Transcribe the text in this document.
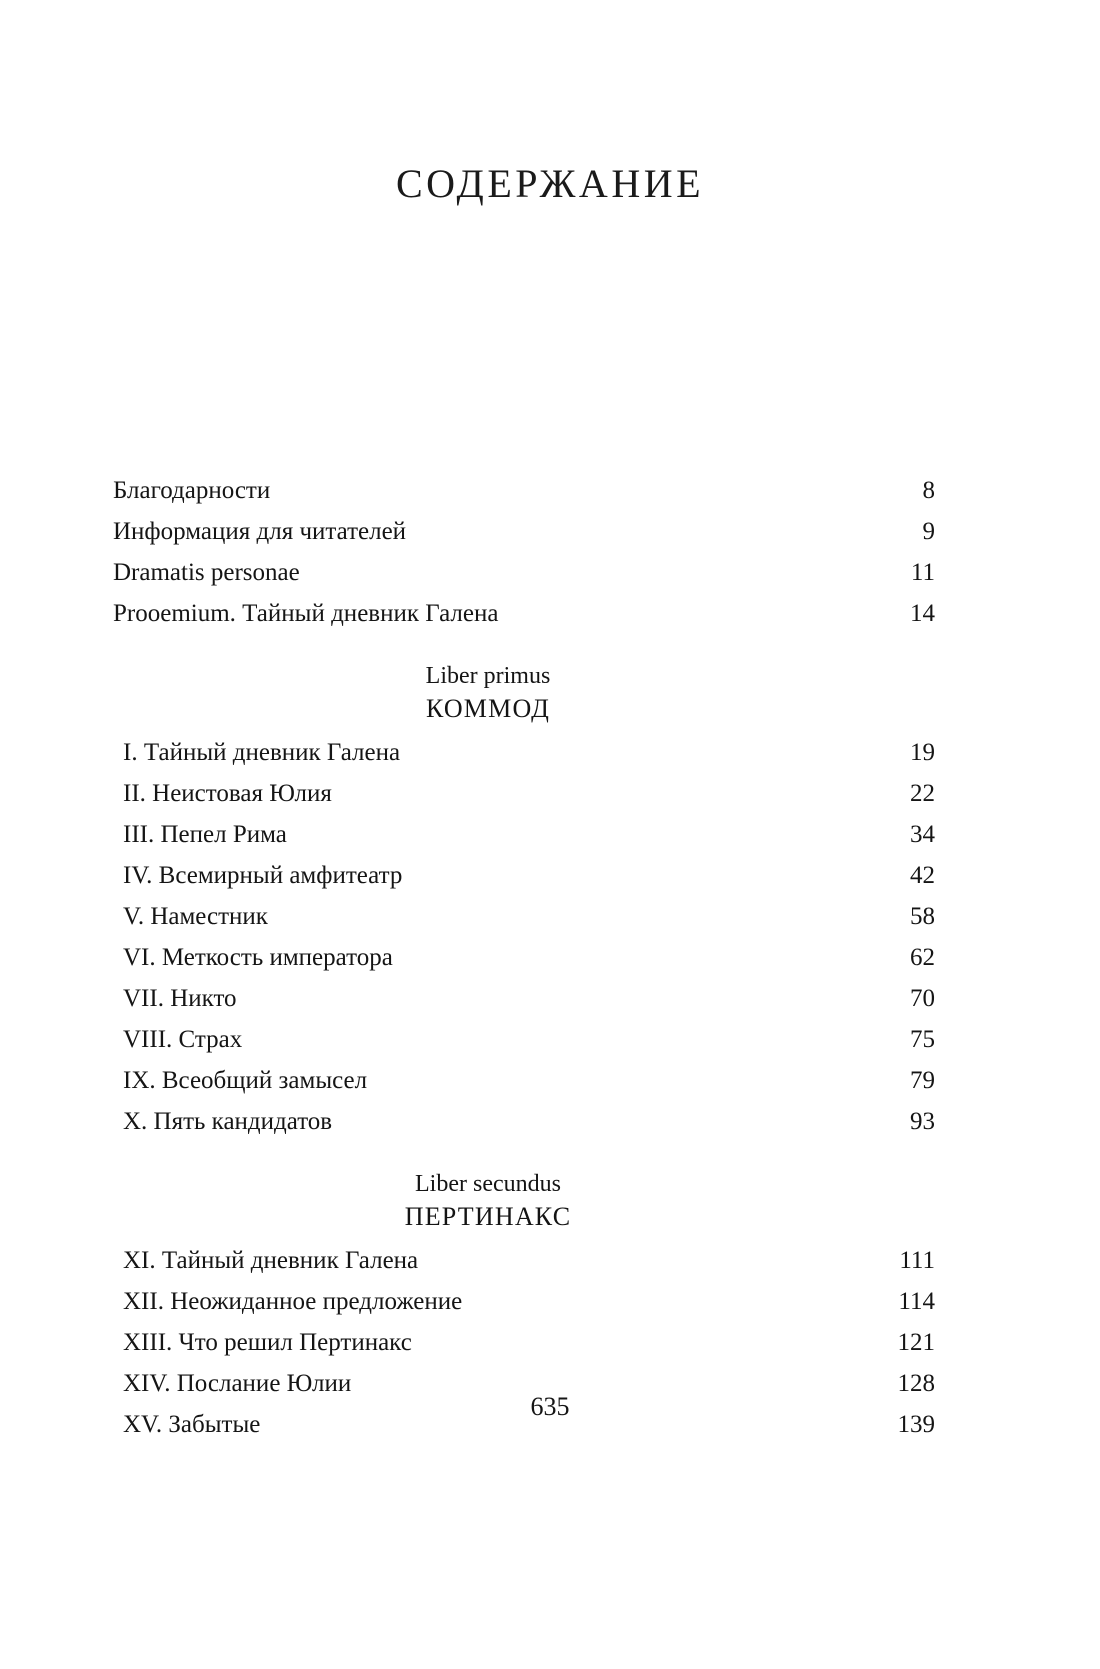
СОДЕРЖАНИЕ
Благодарности .....	8
Информация для читателей .....	9
Dramatis personae .....	11
Prooemium. Тайный дневник Галена .....	14
Liber primus
КОММОД
I. Тайный дневник Галена .....	19
II. Неистовая Юлия .....	22
III. Пепел Рима .....	34
IV. Всемирный амфитеатр .....	42
V. Наместник .....	58
VI. Меткость императора .....	62
VII. Никто .....	70
VIII. Страх .....	75
IX. Всеобщий замысел .....	79
X. Пять кандидатов .....	93
Liber secundus
ПЕРТИНАКС
XI. Тайный дневник Галена .....	111
XII. Неожиданное предложение .....	114
XIII. Что решил Пертинакс .....	121
XIV. Послание Юлии .....	128
XV. Забытые .....	139
635
